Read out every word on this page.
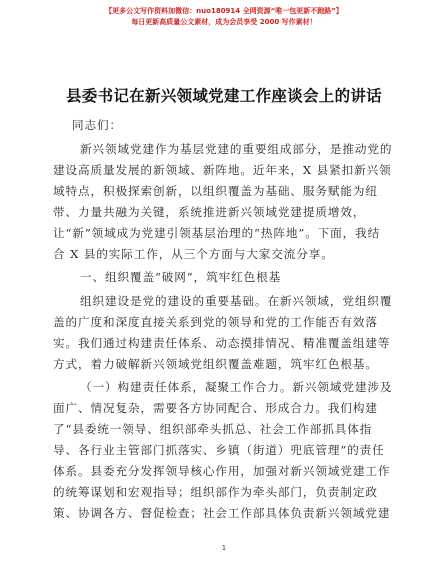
【更多公文写作资料加微信：nuo180914 全网资源“唯一包更新不跑路”】
每日更新高质量公文素材，成为会员享受 2000 写作素材！
县委书记在新兴领域党建工作座谈会上的讲话
同志们：
新兴领域党建作为基层党建的重要组成部分，是推动党的
建设高质量发展的新领域、新阵地。近年来，X 县紧扣新兴领
域特点，积极探索创新，以组织覆盖为基础、服务赋能为纽
带、力量共融为关键，系统推进新兴领域党建提质增效，
让“新”领域成为党建引领基层治理的“热阵地”。下面，我结
合 X 县的实际工作，从三个方面与大家交流分享。
一、组织覆盖“破网”，筑牢红色根基
组织建设是党的建设的重要基础。在新兴领域，党组织覆
盖的广度和深度直接关系到党的领导和党的工作能否有效落
实。我们通过构建责任体系、动态摸排情况、精准覆盖组建等
方式，着力破解新兴领域党组织覆盖难题，筑牢红色根基。
（一）构建责任体系，凝聚工作合力。新兴领域党建涉及
面广、情况复杂，需要各方协同配合、形成合力。我们构建
了“县委统一领导、组织部牵头抓总、社会工作部抓具体指
导、各行业主管部门抓落实、乡镇（街道）兜底管理”的责任
体系。县委充分发挥领导核心作用，加强对新兴领域党建工作
的统筹谋划和宏观指导；组织部作为牵头部门，负责制定政
策、协调各方、督促检查；社会工作部具体负责新兴领域党建
1
